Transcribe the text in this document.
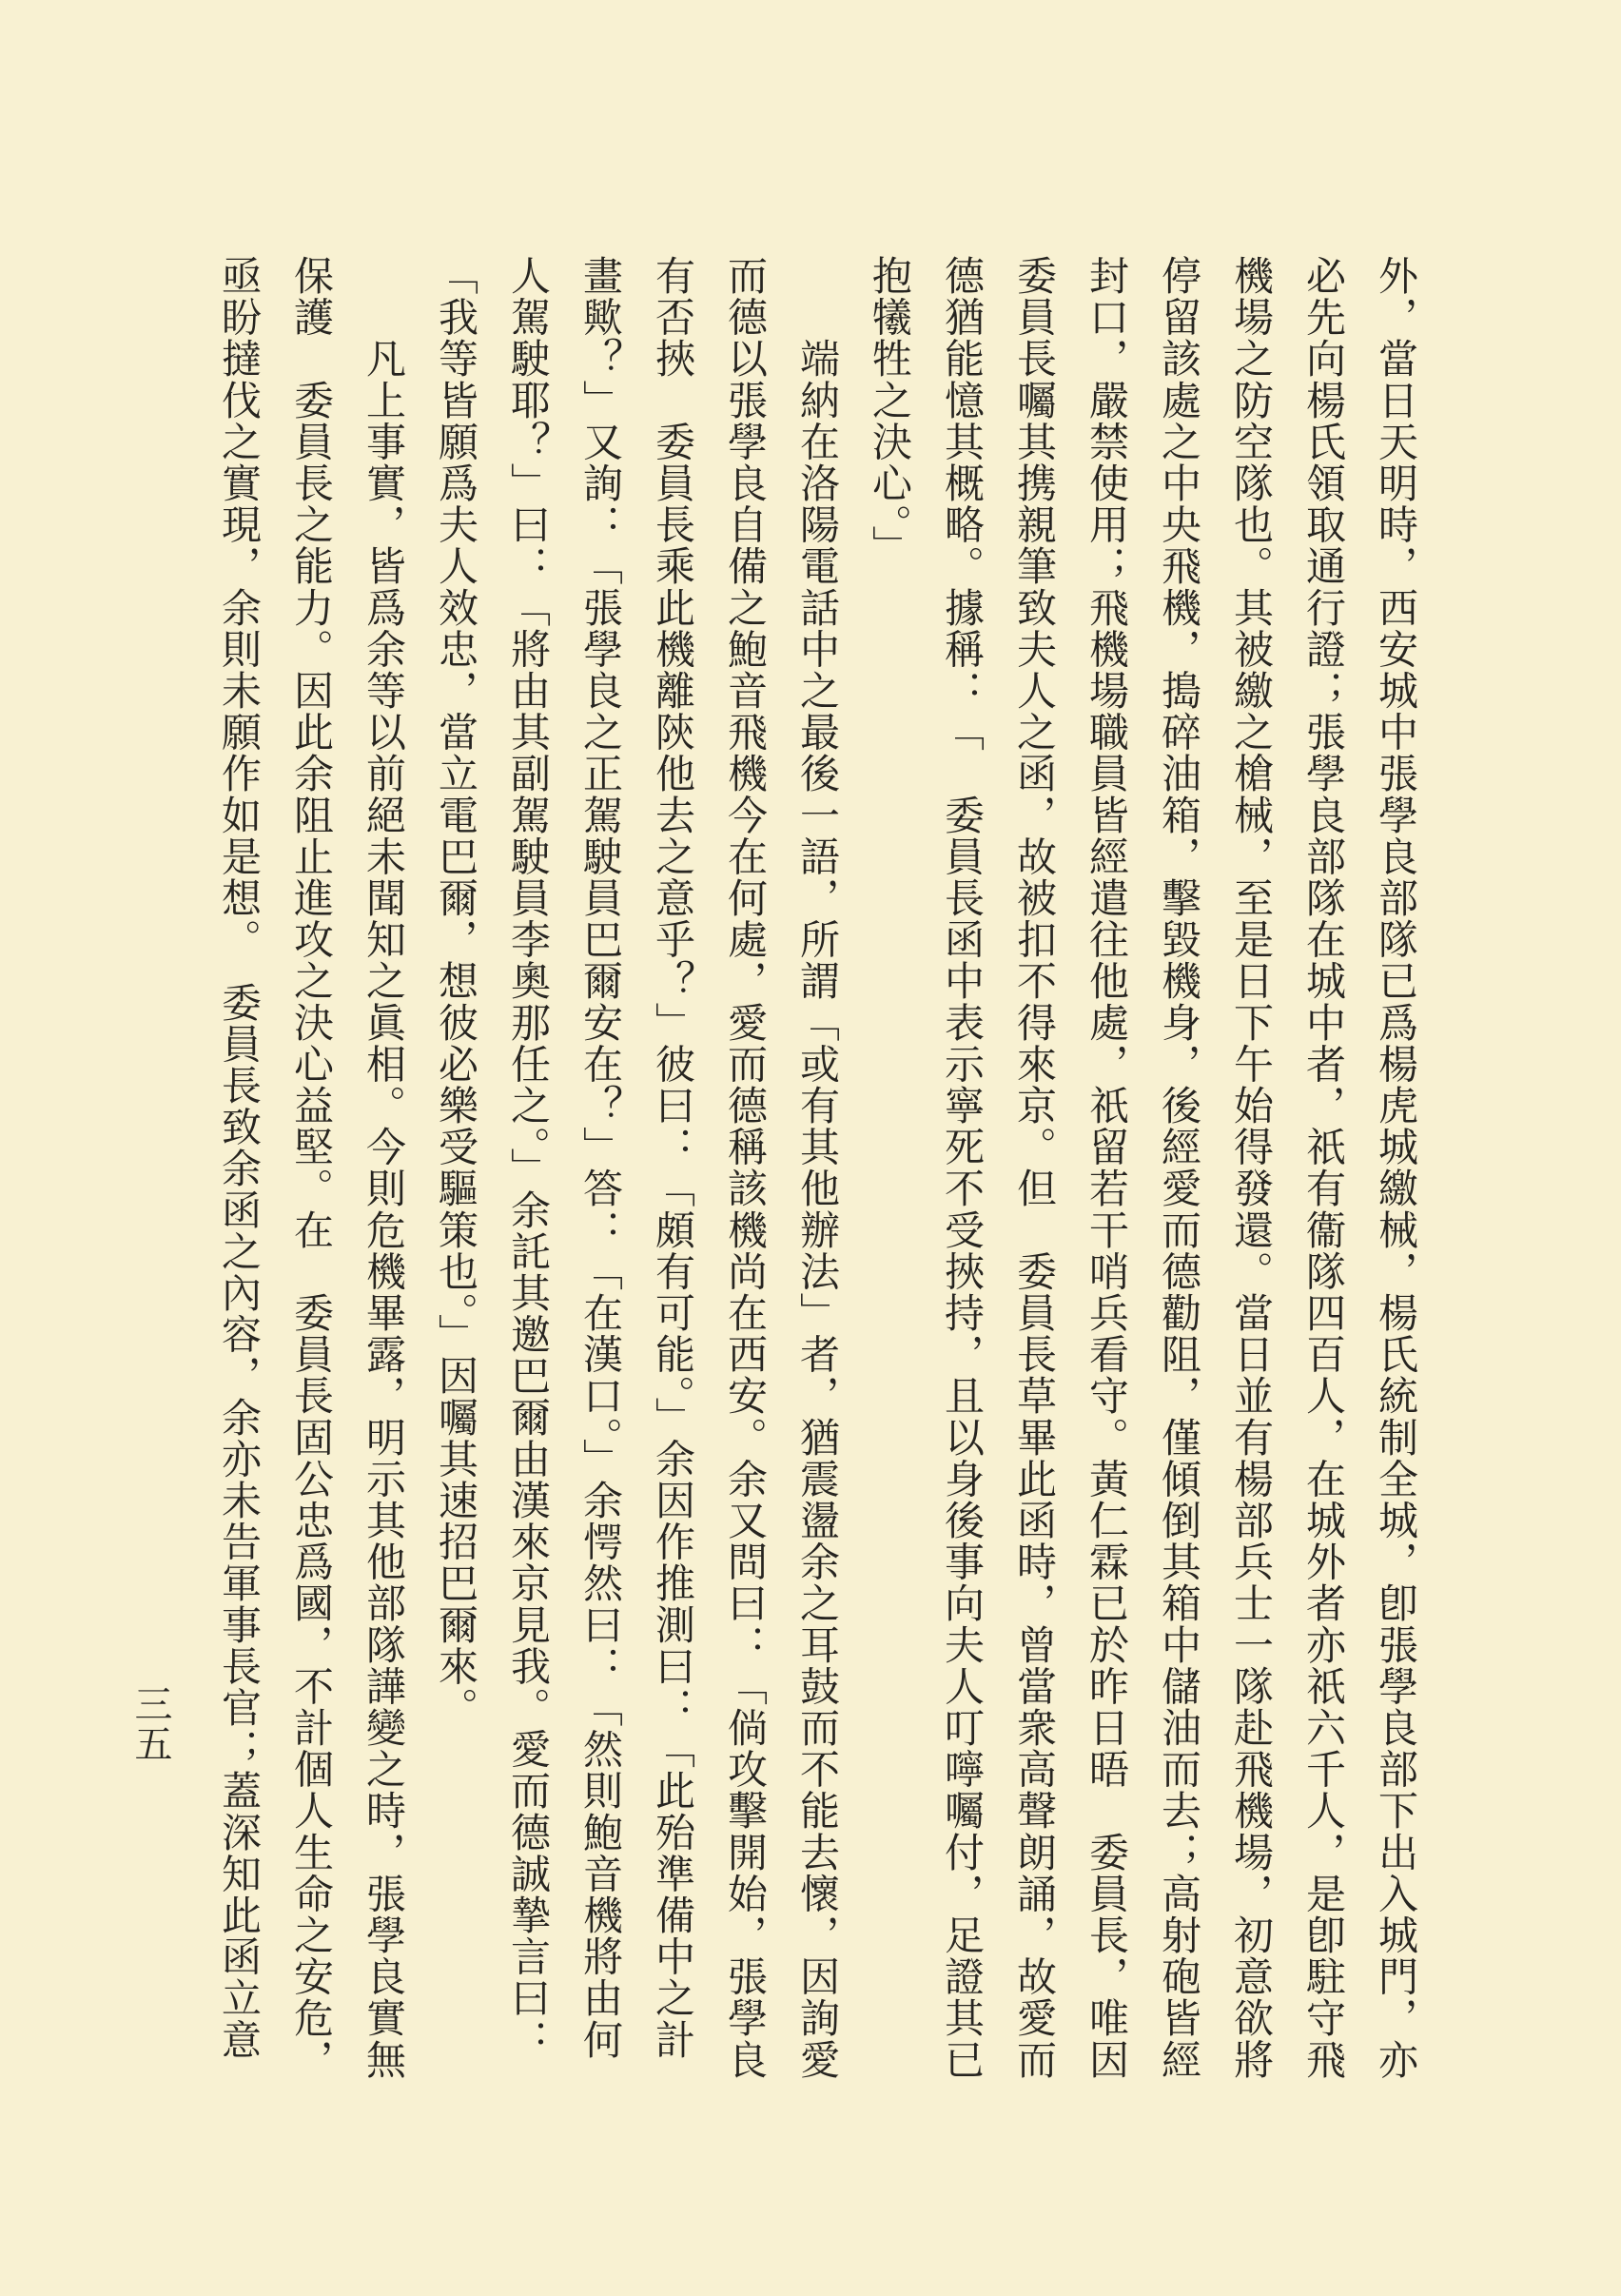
外，當日天明時，西安城中張學良部隊已爲楊虎城繳械，楊氏統制全城，卽張學良部下出入城門，亦
必先向楊氏領取通行證；張學良部隊在城中者，祇有衞隊四百人，在城外者亦祇六千人，是卽駐守飛
機場之防空隊也。其被繳之槍械，至是日下午始得發還。當日並有楊部兵士一隊赴飛機場，初意欲將
停留該處之中央飛機，搗碎油箱，擊毀機身，後經愛而德勸阻，僅傾倒其箱中儲油而去；高射砲皆經
封口，嚴禁使用；飛機場職員皆經遣往他處，祇留若干哨兵看守。黃仁霖已於昨日晤　委員長，唯因
委員長囑其携親筆致夫人之函，故被扣不得來京。但　委員長草畢此函時，曾當衆高聲朗誦，故愛而
德猶能憶其概略。據稱：「　委員長函中表示寧死不受挾持，且以身後事向夫人叮嚀囑付，足證其已
抱犧牲之決心。」
　　端納在洛陽電話中之最後一語，所謂「或有其他辦法」者，猶震盪余之耳鼓而不能去懷，因詢愛
而德以張學良自備之鮑音飛機今在何處，愛而德稱該機尚在西安。余又問曰：「倘攻擊開始，張學良
有否挾　委員長乘此機離陝他去之意乎？」彼曰：「頗有可能。」余因作推測曰：「此殆準備中之計
畫歟？」又詢：「張學良之正駕駛員巴爾安在？」答：「在漢口。」余愕然曰：「然則鮑音機將由何
人駕駛耶？」曰：「將由其副駕駛員李奧那任之。」余託其邀巴爾由漢來京見我。愛而德誠摯言曰：
「我等皆願爲夫人效忠，當立電巴爾，想彼必樂受驅策也。」因囑其速招巴爾來。
　　凡上事實，皆爲余等以前絕未聞知之眞相。今則危機畢露，明示其他部隊譁變之時，張學良實無
保護　委員長之能力。因此余阻止進攻之決心益堅。在　委員長固公忠爲國，不計個人生命之安危，
亟盼撻伐之實現，余則未願作如是想。　委員長致余函之內容，余亦未告軍事長官；蓋深知此函立意
三五
